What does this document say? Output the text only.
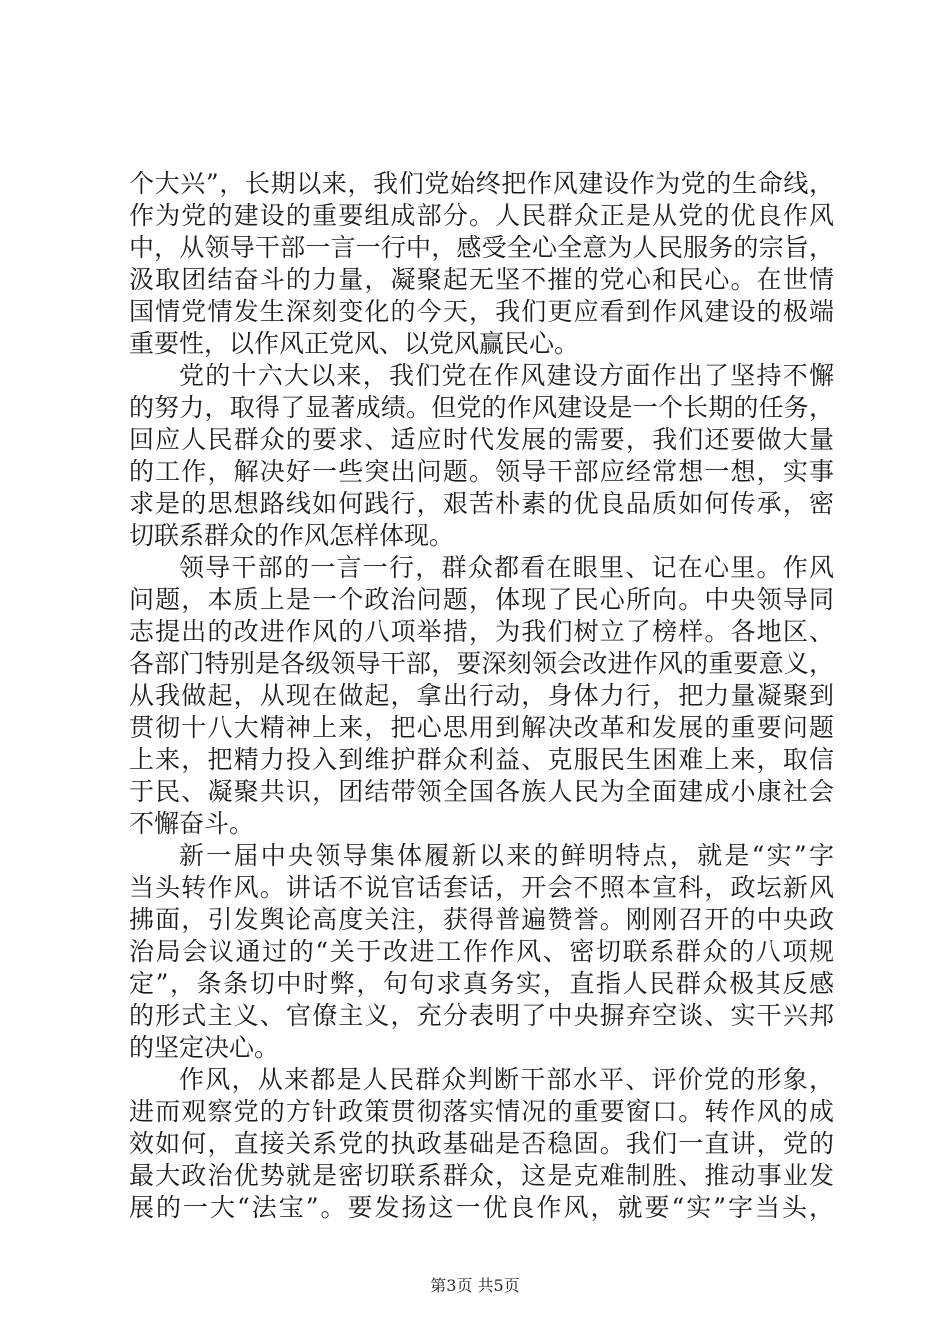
个大兴”，长期以来，我们党始终把作风建设作为党的生命线，
作为党的建设的重要组成部分。人民群众正是从党的优良作风
中，从领导干部一言一行中，感受全心全意为人民服务的宗旨，
汲取团结奋斗的力量，凝聚起无坚不摧的党心和民心。在世情
国情党情发生深刻变化的今天，我们更应看到作风建设的极端
重要性，以作风正党风、以党风赢民心。
党的十六大以来，我们党在作风建设方面作出了坚持不懈
的努力，取得了显著成绩。但党的作风建设是一个长期的任务，
回应人民群众的要求、适应时代发展的需要，我们还要做大量
的工作，解决好一些突出问题。领导干部应经常想一想，实事
求是的思想路线如何践行，艰苦朴素的优良品质如何传承，密
切联系群众的作风怎样体现。
领导干部的一言一行，群众都看在眼里、记在心里。作风
问题，本质上是一个政治问题，体现了民心所向。中央领导同
志提出的改进作风的八项举措，为我们树立了榜样。各地区、
各部门特别是各级领导干部，要深刻领会改进作风的重要意义，
从我做起，从现在做起，拿出行动，身体力行，把力量凝聚到
贯彻十八大精神上来，把心思用到解决改革和发展的重要问题
上来，把精力投入到维护群众利益、克服民生困难上来，取信
于民、凝聚共识，团结带领全国各族人民为全面建成小康社会
不懈奋斗。
新一届中央领导集体履新以来的鲜明特点，就是“实”字
当头转作风。讲话不说官话套话，开会不照本宣科，政坛新风
拂面，引发舆论高度关注，获得普遍赞誉。刚刚召开的中央政
治局会议通过的“关于改进工作作风、密切联系群众的八项规
定”，条条切中时弊，句句求真务实，直指人民群众极其反感
的形式主义、官僚主义，充分表明了中央摒弃空谈、实干兴邦
的坚定决心。
作风，从来都是人民群众判断干部水平、评价党的形象，
进而观察党的方针政策贯彻落实情况的重要窗口。转作风的成
效如何，直接关系党的执政基础是否稳固。我们一直讲，党的
最大政治优势就是密切联系群众，这是克难制胜、推动事业发
展的一大“法宝”。要发扬这一优良作风，就要“实”字当头，
第3页 共5页
